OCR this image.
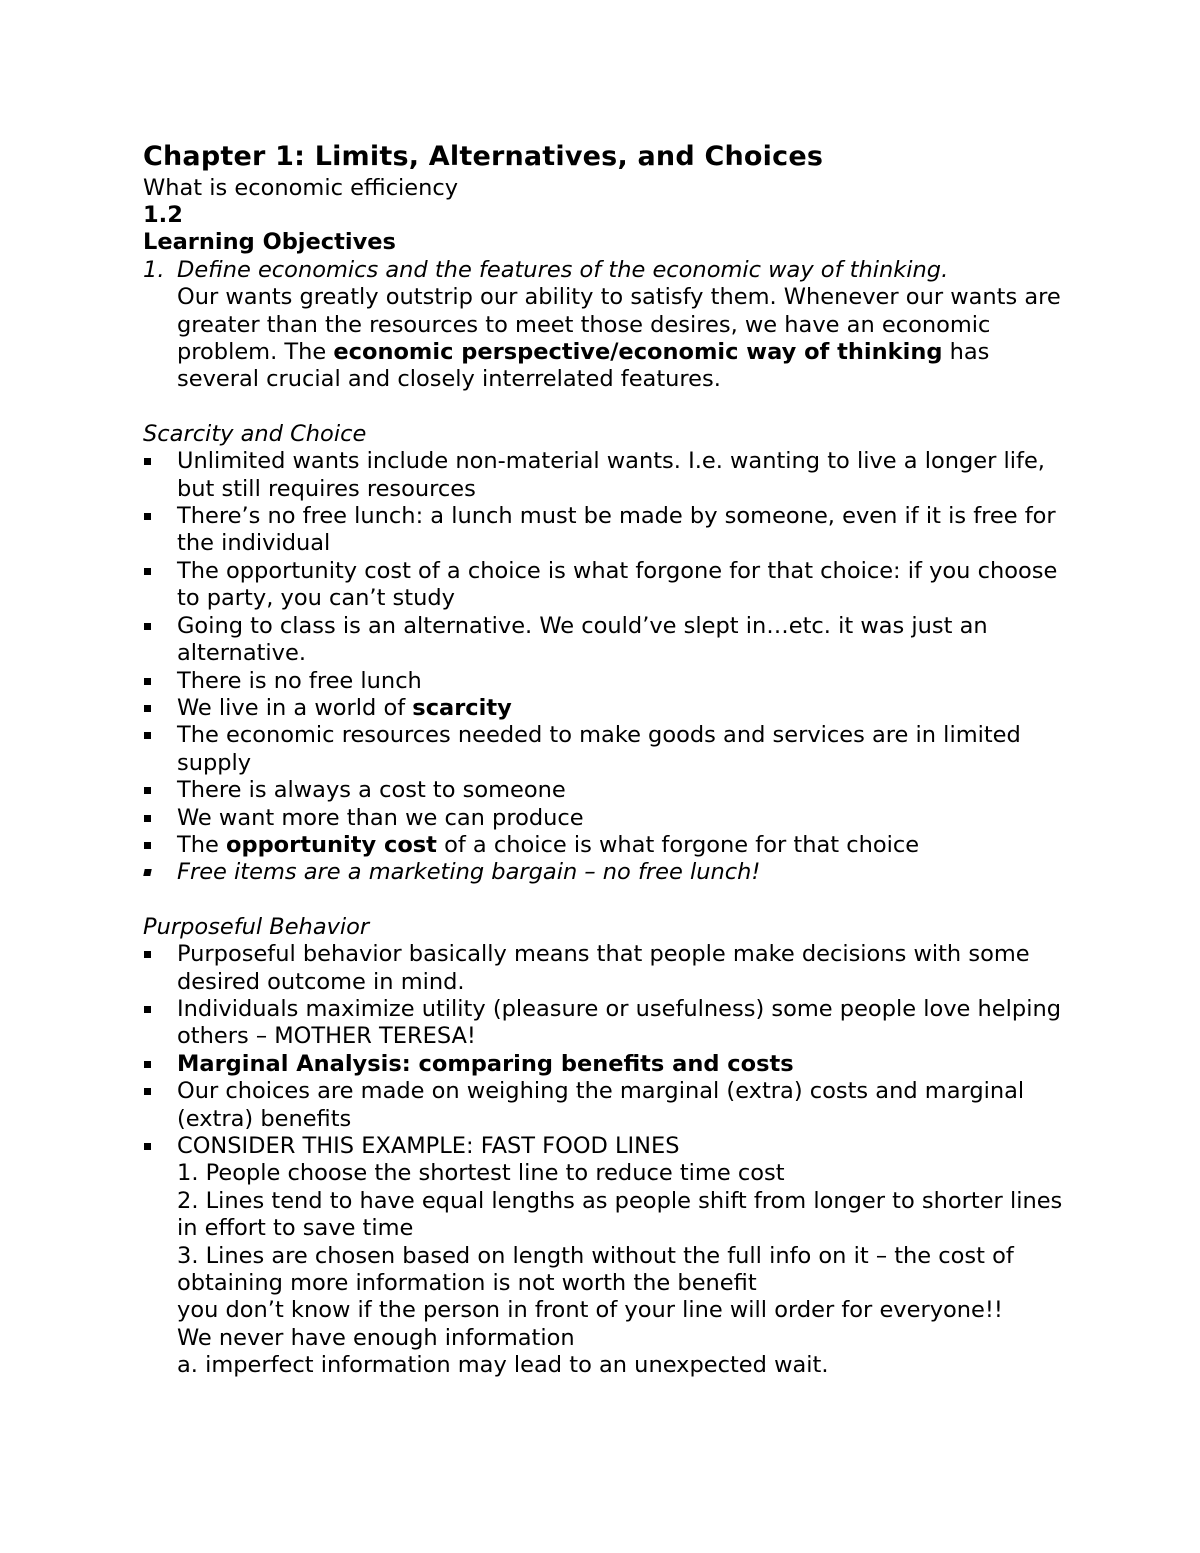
Chapter 1: Limits, Alternatives, and Choices
What is economic efficiency
1.2
Learning Objectives
1. Define economics and the features of the economic way of thinking.
Our wants greatly outstrip our ability to satisfy them. Whenever our wants are greater than the resources to meet those desires, we have an economic problem. The economic perspective/economic way of thinking has several crucial and closely interrelated features.
Scarcity and Choice
Unlimited wants include non-material wants. I.e. wanting to live a longer life, but still requires resources
There’s no free lunch: a lunch must be made by someone, even if it is free for the individual
The opportunity cost of a choice is what forgone for that choice: if you choose to party, you can’t study
Going to class is an alternative. We could’ve slept in…etc. it was just an alternative.
There is no free lunch
We live in a world of scarcity
The economic resources needed to make goods and services are in limited supply
There is always a cost to someone
We want more than we can produce
The opportunity cost of a choice is what forgone for that choice
Free items are a marketing bargain – no free lunch!
Purposeful Behavior
Purposeful behavior basically means that people make decisions with some desired outcome in mind.
Individuals maximize utility (pleasure or usefulness) some people love helping others – MOTHER TERESA!
Marginal Analysis: comparing benefits and costs
Our choices are made on weighing the marginal (extra) costs and marginal (extra) benefits
CONSIDER THIS EXAMPLE: FAST FOOD LINES
1. People choose the shortest line to reduce time cost
2. Lines tend to have equal lengths as people shift from longer to shorter lines in effort to save time
3. Lines are chosen based on length without the full info on it – the cost of obtaining more information is not worth the benefit
you don’t know if the person in front of your line will order for everyone!!
We never have enough information
a. imperfect information may lead to an unexpected wait.
